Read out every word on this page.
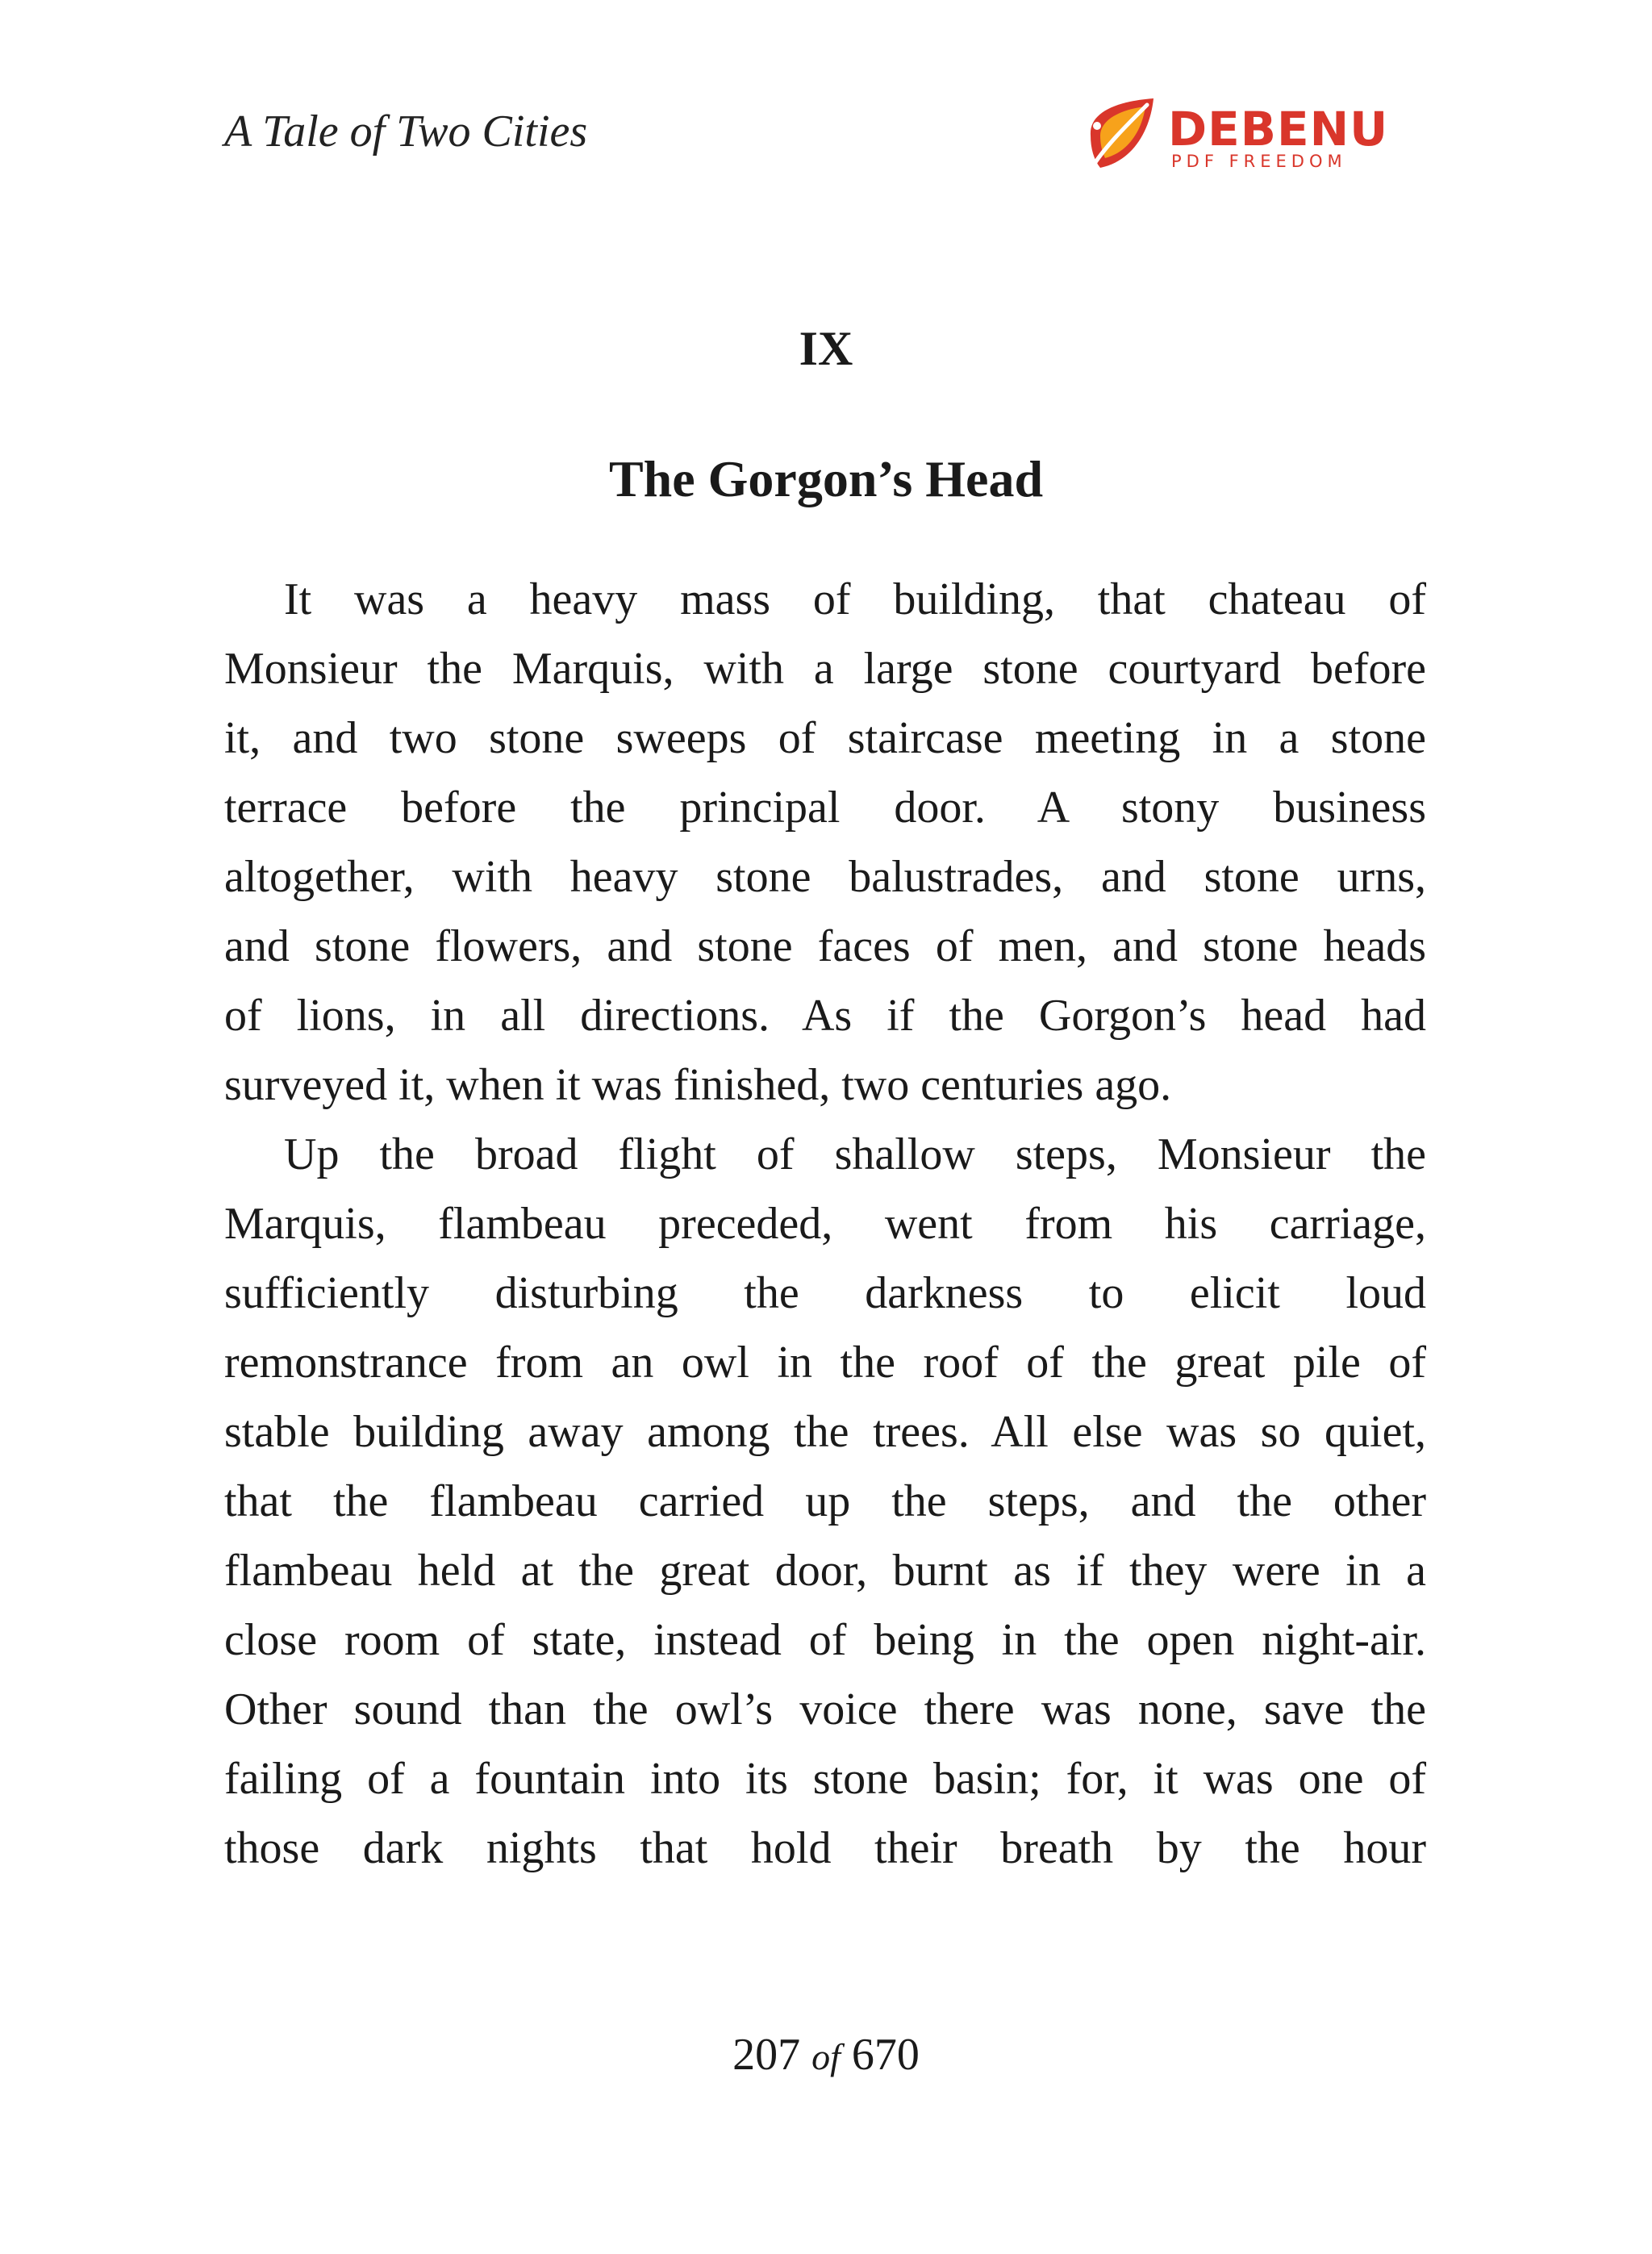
A Tale of Two Cities	DEBENU
PDF FREEDOM
IX
The Gorgon’s Head
It was a heavy mass of building, that chateau of
Monsieur the Marquis, with a large stone courtyard before
it, and two stone sweeps of staircase meeting in a stone
terrace before the principal door. A stony business
altogether, with heavy stone balustrades, and stone urns,
and stone flowers, and stone faces of men, and stone heads
of lions, in all directions. As if the Gorgon’s head had
surveyed it, when it was finished, two centuries ago.
Up the broad flight of shallow steps, Monsieur the
Marquis, flambeau preceded, went from his carriage,
sufficiently disturbing the darkness to elicit loud
remonstrance from an owl in the roof of the great pile of
stable building away among the trees. All else was so quiet,
that the flambeau carried up the steps, and the other
flambeau held at the great door, burnt as if they were in a
close room of state, instead of being in the open night-air.
Other sound than the owl’s voice there was none, save the
failing of a fountain into its stone basin; for, it was one of
those dark nights that hold their breath by the hour
207 of 670
